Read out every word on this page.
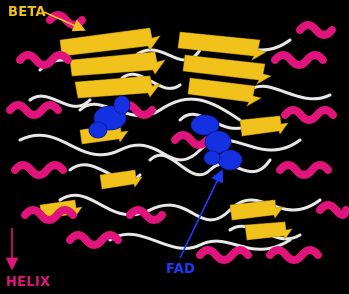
BETA
HELIX
FAD
